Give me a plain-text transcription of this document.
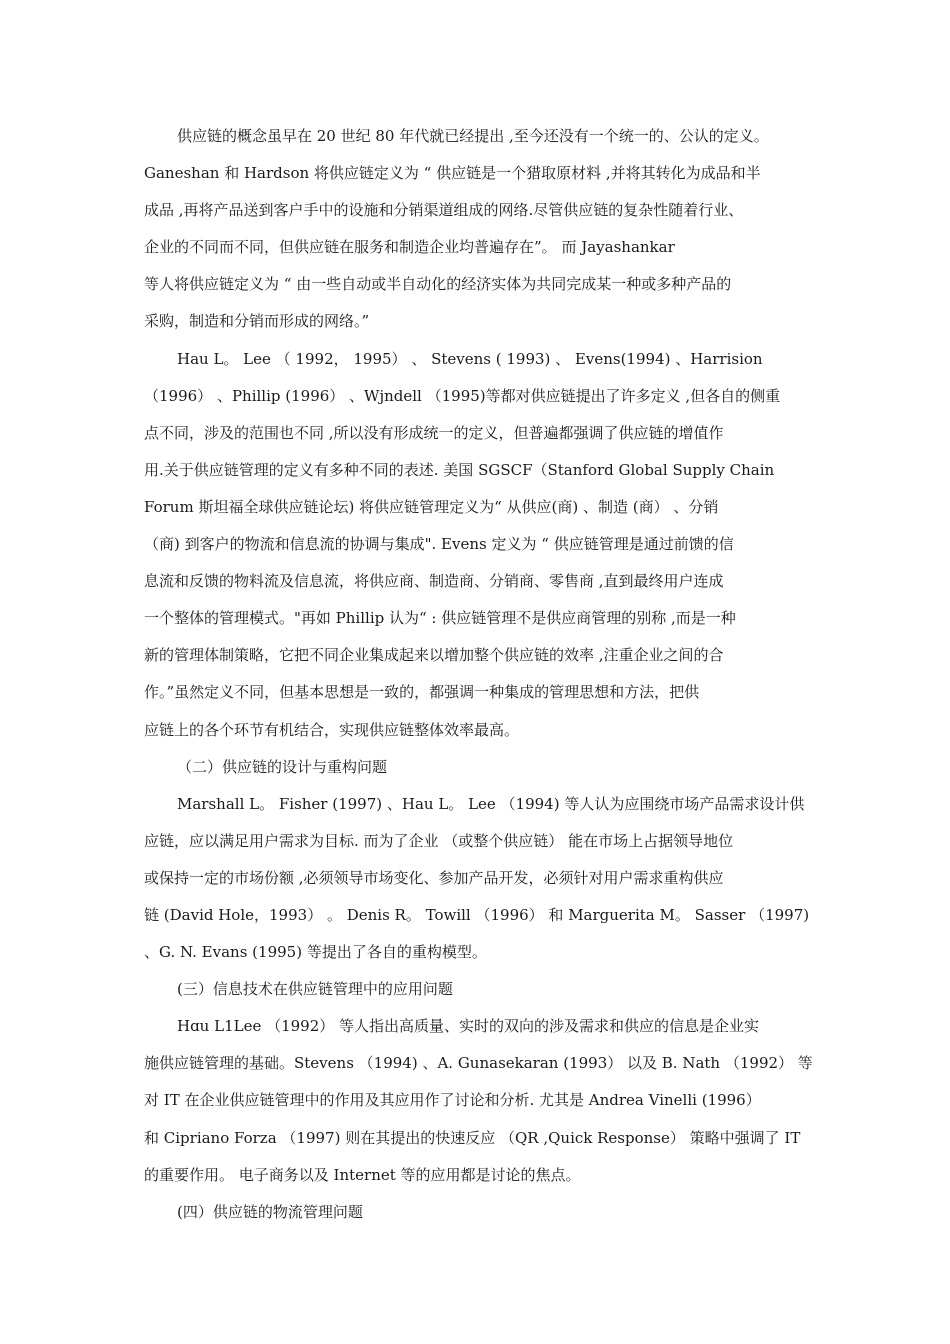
供应链的概念虽早在 20 世纪 80 年代就已经提出 ,至今还没有一个统一的、公认的定义。
Ganeshan 和 Hardson 将供应链定义为 “ 供应链是一个猎取原材料 ,并将其转化为成品和半
成品 ,再将产品送到客户手中的设施和分销渠道组成的网络.尽管供应链的复杂性随着行业、
企业的不同而不同，但供应链在服务和制造企业均普遍存在”。 而 Jayashankar
等人将供应链定义为 “ 由一些自动或半自动化的经济实体为共同完成某一种或多种产品的
采购，制造和分销而形成的网络。”
Hau L。 Lee （ 1992， 1995） 、 Stevens ( 1993) 、 Evens(1994) 、Harrision
（1996） 、Phillip (1996） 、Wjndell （1995)等都对供应链提出了许多定义 ,但各自的侧重
点不同，涉及的范围也不同 ,所以没有形成统一的定义，但普遍都强调了供应链的增值作
用.关于供应链管理的定义有多种不同的表述. 美国 SGSCF（Stanford Global Supply Chain
Forum 斯坦福全球供应链论坛) 将供应链管理定义为“ 从供应(商) 、制造 (商） 、分销
（商) 到客户的物流和信息流的协调与集成". Evens 定义为 “ 供应链管理是通过前馈的信
息流和反馈的物料流及信息流，将供应商、制造商、分销商、零售商 ,直到最终用户连成
一个整体的管理模式。"再如 Phillip 认为“ : 供应链管理不是供应商管理的别称 ,而是一种
新的管理体制策略，它把不同企业集成起来以增加整个供应链的效率 ,注重企业之间的合
作。”虽然定义不同，但基本思想是一致的，都强调一种集成的管理思想和方法，把供
应链上的各个环节有机结合，实现供应链整体效率最高。
（二）供应链的设计与重构问题
Marshall L。 Fisher (1997) 、Hau L。 Lee （1994) 等人认为应围绕市场产品需求设计供
应链，应以满足用户需求为目标. 而为了企业 （或整个供应链） 能在市场上占据领导地位
或保持一定的市场份额 ,必须领导市场变化、参加产品开发，必须针对用户需求重构供应
链 (David Hole，1993） 。 Denis R。 Towill （1996） 和 Marguerita M。 Sasser （1997)
、G. N. Evans (1995) 等提出了各自的重构模型。
(三）信息技术在供应链管理中的应用问题
Hɑu L1Lee （1992） 等人指出高质量、实时的双向的涉及需求和供应的信息是企业实
施供应链管理的基础。Stevens （1994) 、A. Gunasekaran (1993） 以及 B. Nath （1992） 等
对 IT 在企业供应链管理中的作用及其应用作了讨论和分析. 尤其是 Andrea Vinelli (1996）
和 Cipriano Forza （1997) 则在其提出的快速反应 （QR ,Quick Response） 策略中强调了 IT
的重要作用。 电子商务以及 Internet 等的应用都是讨论的焦点。
(四）供应链的物流管理问题
